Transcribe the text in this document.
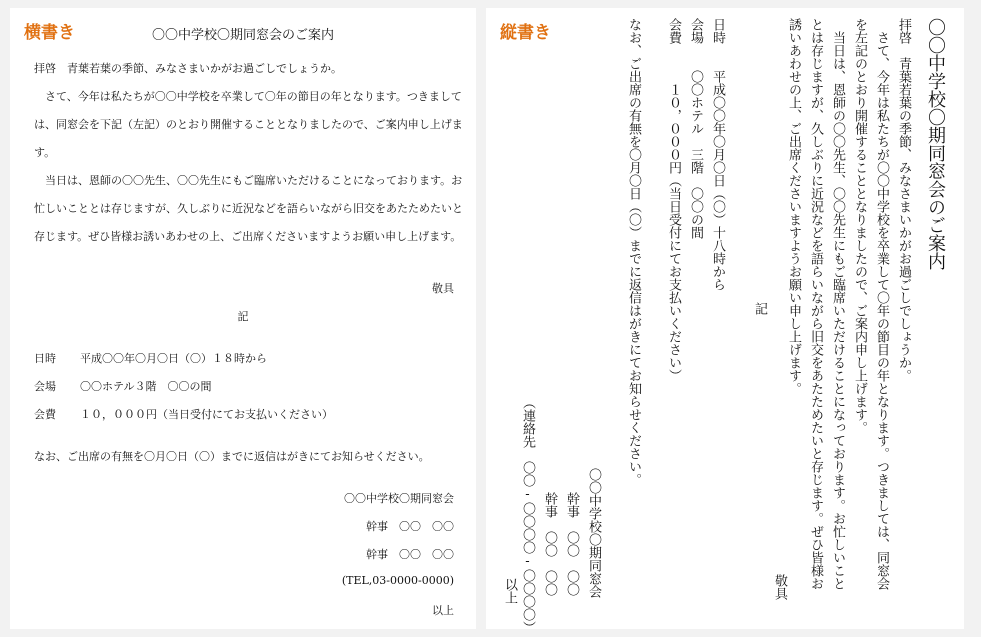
横書き	〇〇中学校〇期同窓会のご案内

拝啓　青葉若葉の季節、みなさまいかがお過ごしでしょうか。

さて、今年は私たちが〇〇中学校を卒業して〇年の節目の年となります。つきましては、同窓会を下記（左記）のとおり開催することとなりましたので、ご案内申し上げます。

当日は、恩師の〇〇先生、〇〇先生にもご臨席いただけることになっております。お忙しいこととは存じますが、久しぶりに近況などを語らいながら旧交をあたためたいと存じます。ぜひ皆様お誘いあわせの上、ご出席くださいますようお願い申し上げます。

敬具
記
日時 平成〇〇年〇月〇日（〇）１８時から
会場 〇〇ホテル３階　〇〇の間
会費 １０，０００円（当日受付にてお支払いください）
なお、ご出席の有無を〇月〇日（〇）までに返信はがきにてお知らせください。
〇〇中学校〇期同窓会
幹事　〇〇　〇〇
幹事　〇〇　〇〇
(TEL,03-0000-0000)
以上
縦書き	〇〇中学校〇期同窓会のご案内
拝啓　青葉若葉の季節、みなさまいかがお過ごしでしょうか。
　さて、今年は私たちが〇〇中学校を卒業して〇年の節目の年となります。つきましては、同窓会
を左記のとおり開催することとなりましたので、ご案内申し上げます。
　当日は、恩師の〇〇先生、〇〇先生にもご臨席いただけることになっております。お忙しいこと
とは存じますが、久しぶりに近況などを語らいながら旧交をあたためたいと存じます。ぜひ皆様お
誘いあわせの上、ご出席くださいますようお願い申し上げます。
敬具
記
日時　　平成〇〇年〇月〇日（〇）十八時から
会場　　〇〇ホテル　三階　〇〇の間
会費　　　１０，０００円（当日受付にてお支払いください）
なお、ご出席の有無を〇月〇日（〇）までに返信はがきにてお知らせください。
〇〇中学校〇期同窓会
幹事　〇〇　〇〇
幹事　〇〇　〇〇
（連絡先　〇〇-〇〇〇〇-〇〇〇〇）
以上
